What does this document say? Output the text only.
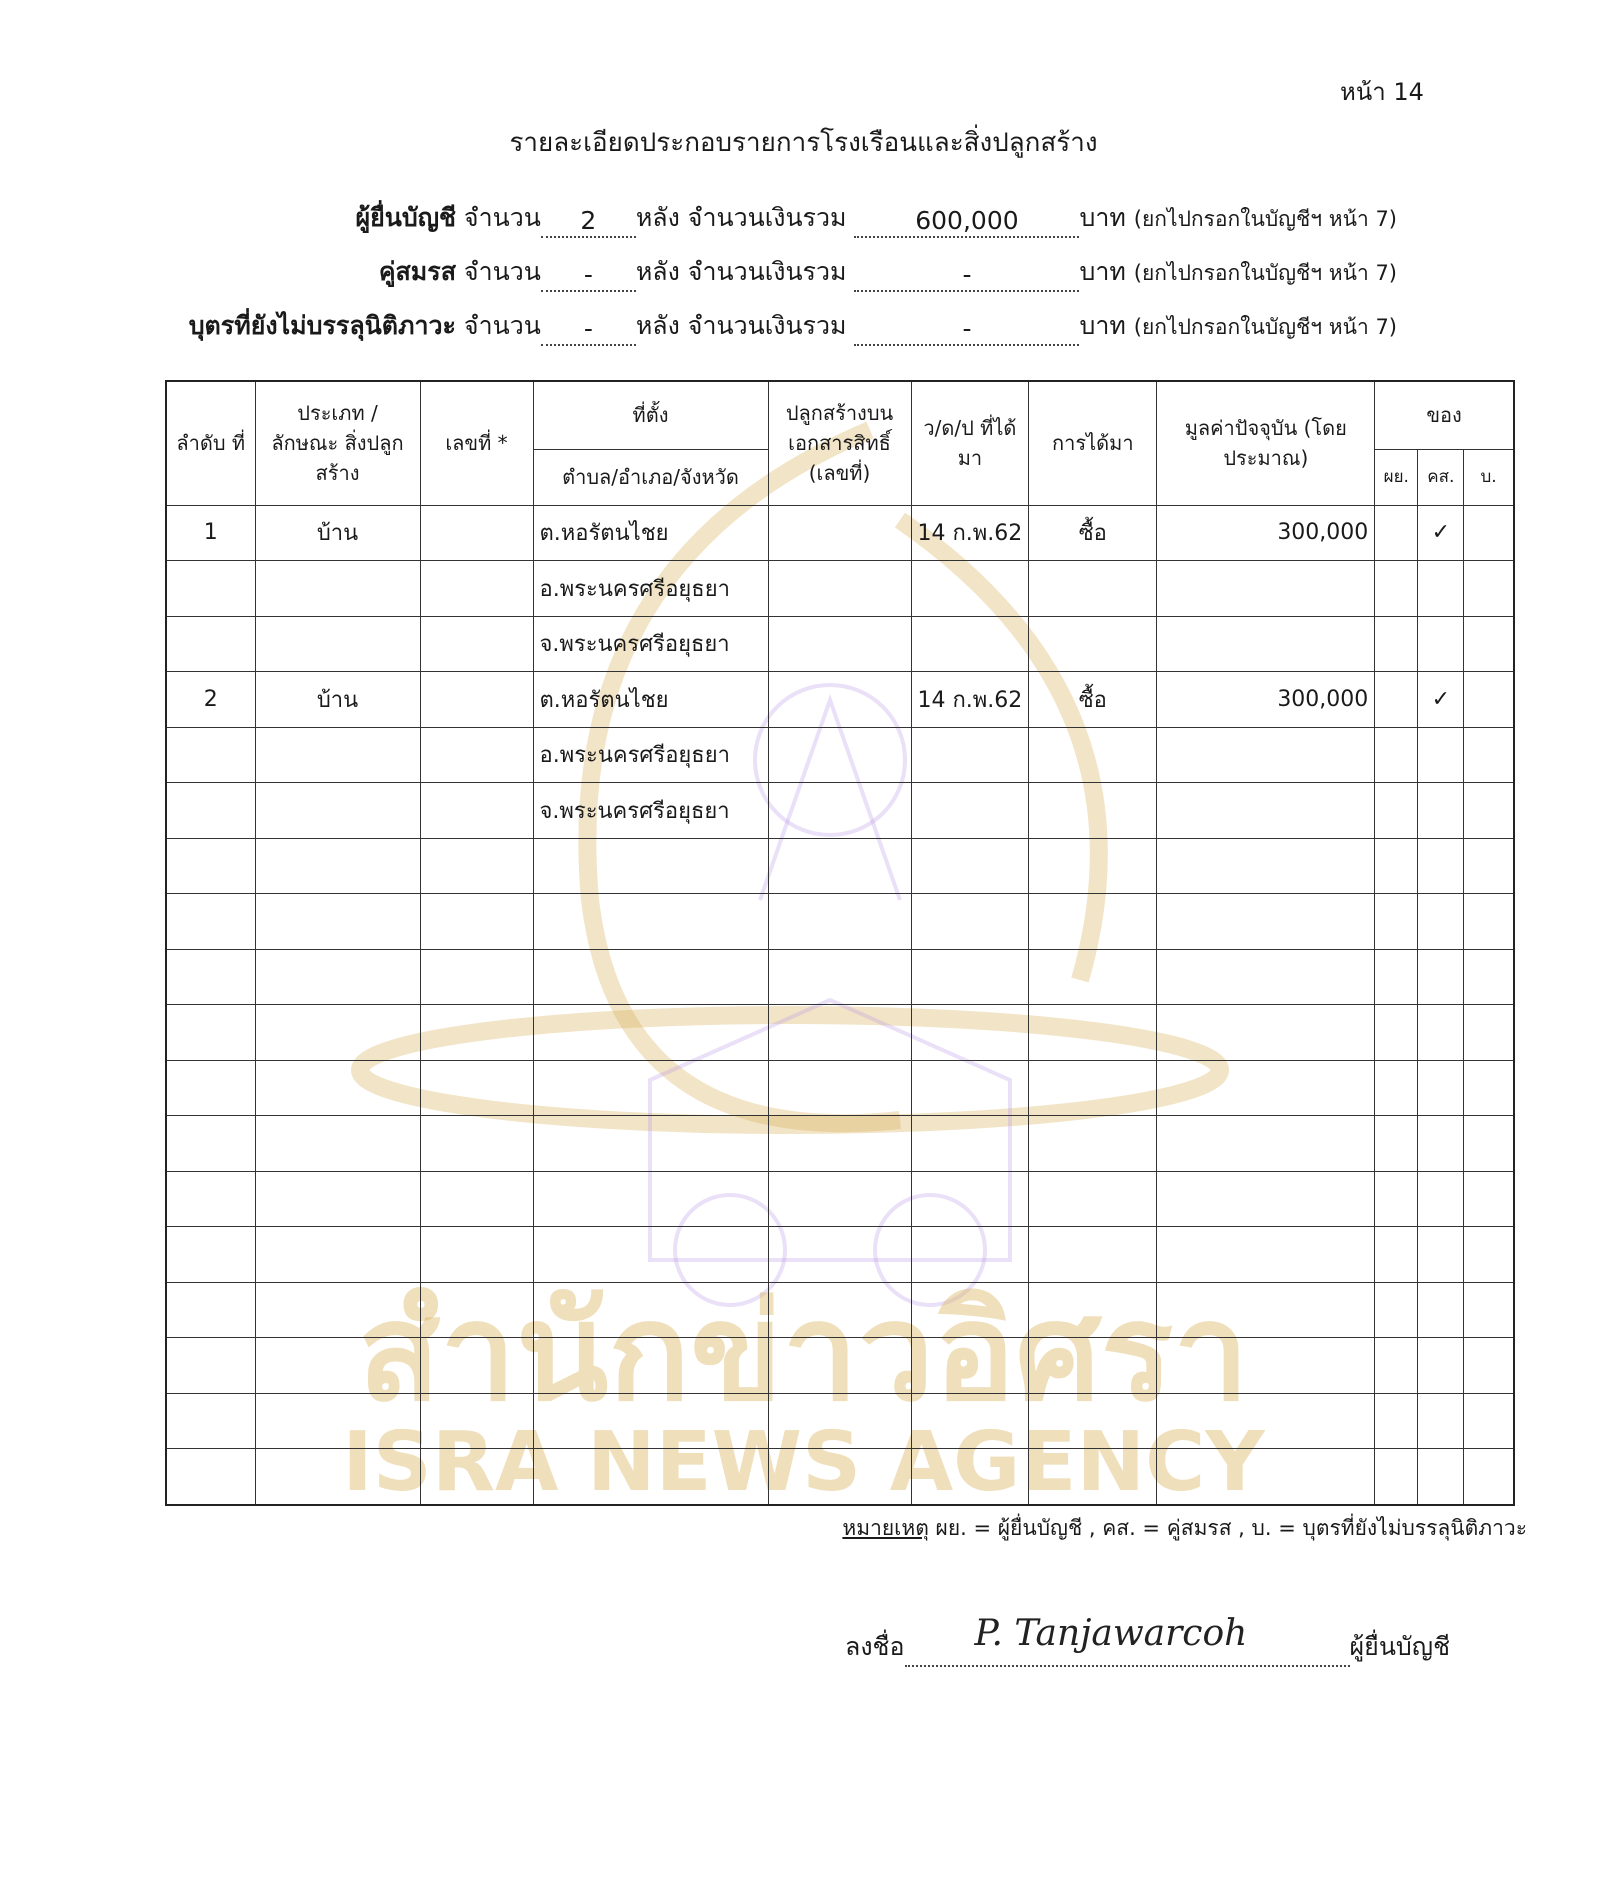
สำนักข่าวอิศรา
ISRA NEWS AGENCY
หน้า 14
รายละเอียดประกอบรายการโรงเรือนและสิ่งปลูกสร้าง
ผู้ยื่นบัญชี จำนวน 2 หลัง จำนวนเงินรวม	600,000 บาท (ยกไปกรอกในบัญชีฯ หน้า 7)
คู่สมรส จำนวน - หลัง จำนวนเงินรวม	-	บาท (ยกไปกรอกในบัญชีฯ หน้า 7)
บุตรที่ยังไม่บรรลุนิติภาวะ จำนวน - หลัง จำนวนเงินรวม	-	บาท (ยกไปกรอกในบัญชีฯ หน้า 7)
ลำดับ ที่	ประเภท / ลักษณะ สิ่งปลูกสร้าง	เลขที่ *	ที่ตั้ง	ปลูกสร้างบน เอกสารสิทธิ์ (เลขที่)	ว/ด/ป ที่ได้มา	การได้มา	มูลค่าปัจจุบัน (โดยประมาณ)	ของ		
			ตำบล/อำเภอ/จังหวัด					ผย.	คส.	บ.
1	บ้าน		ต.หอรัตนไชย		14 ก.พ.62	ซื้อ	300,000		✓	
			อ.พระนครศรีอยุธยา							
			จ.พระนครศรีอยุธยา							
2	บ้าน		ต.หอรัตนไชย		14 ก.พ.62	ซื้อ	300,000		✓	
			อ.พระนครศรีอยุธยา							
			จ.พระนครศรีอยุธยา							

หมายเหตุ ผย. = ผู้ยื่นบัญชี , คส. = คู่สมรส , บ. = บุตรที่ยังไม่บรรลุนิติภาวะ
ลงชื่อ P. Tanjawarcoh	ผู้ยื่นบัญชี
